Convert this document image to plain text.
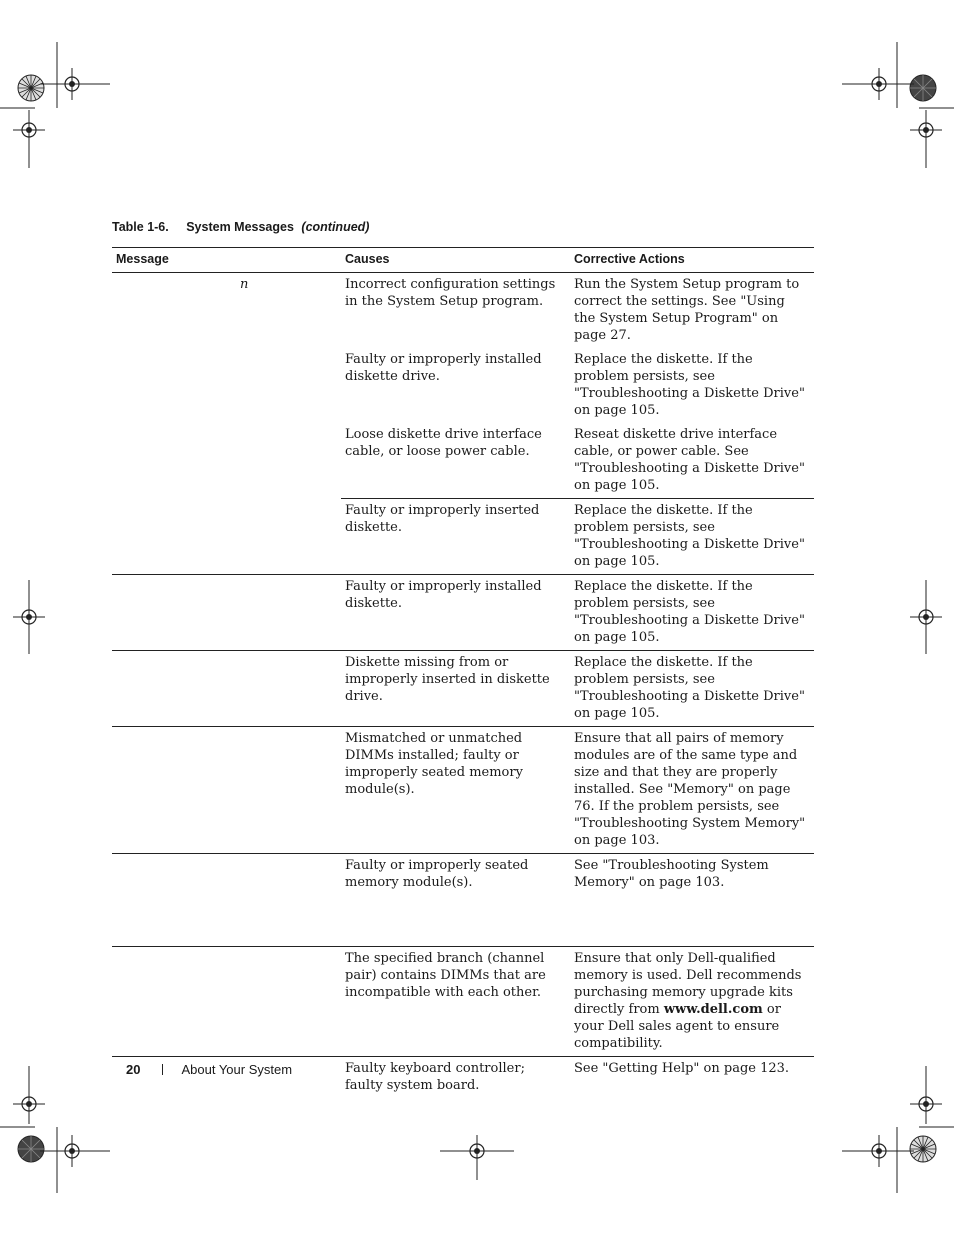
Table 1-6. System Messages (continued)
Message	Causes	Corrective Actions

n	Incorrect configuration settings in the System Setup program.	Run the System Setup program to correct the settings. See "Using the System Setup Program" on page 27.
	Faulty or improperly installed diskette drive.	Replace the diskette. If the problem persists, see "Troubleshooting a Diskette Drive" on page 105.
	Loose diskette drive interface cable, or loose power cable.	Reseat diskette drive interface cable, or power cable. See "Troubleshooting a Diskette Drive" on page 105.
	Faulty or improperly inserted diskette.	Replace the diskette. If the problem persists, see "Troubleshooting a Diskette Drive" on page 105.
	Faulty or improperly installed diskette.	Replace the diskette. If the problem persists, see "Troubleshooting a Diskette Drive" on page 105.
	Diskette missing from or improperly inserted in diskette drive.	Replace the diskette. If the problem persists, see "Troubleshooting a Diskette Drive" on page 105.
	Mismatched or unmatched DIMMs installed; faulty or improperly seated memory module(s).	Ensure that all pairs of memory modules are of the same type and size and that they are properly installed. See "Memory" on page 76. If the problem persists, see "Troubleshooting System Memory" on page 103.
	Faulty or improperly seated memory module(s).	See "Troubleshooting System Memory" on page 103.
	The specified branch (channel pair) contains DIMMs that are incompatible with each other.	Ensure that only Dell-qualified memory is used. Dell recommends purchasing memory upgrade kits directly from www.dell.com or your Dell sales agent to ensure compatibility.
	Faulty keyboard controller; faulty system board.	See "Getting Help" on page 123.
20	About Your System
